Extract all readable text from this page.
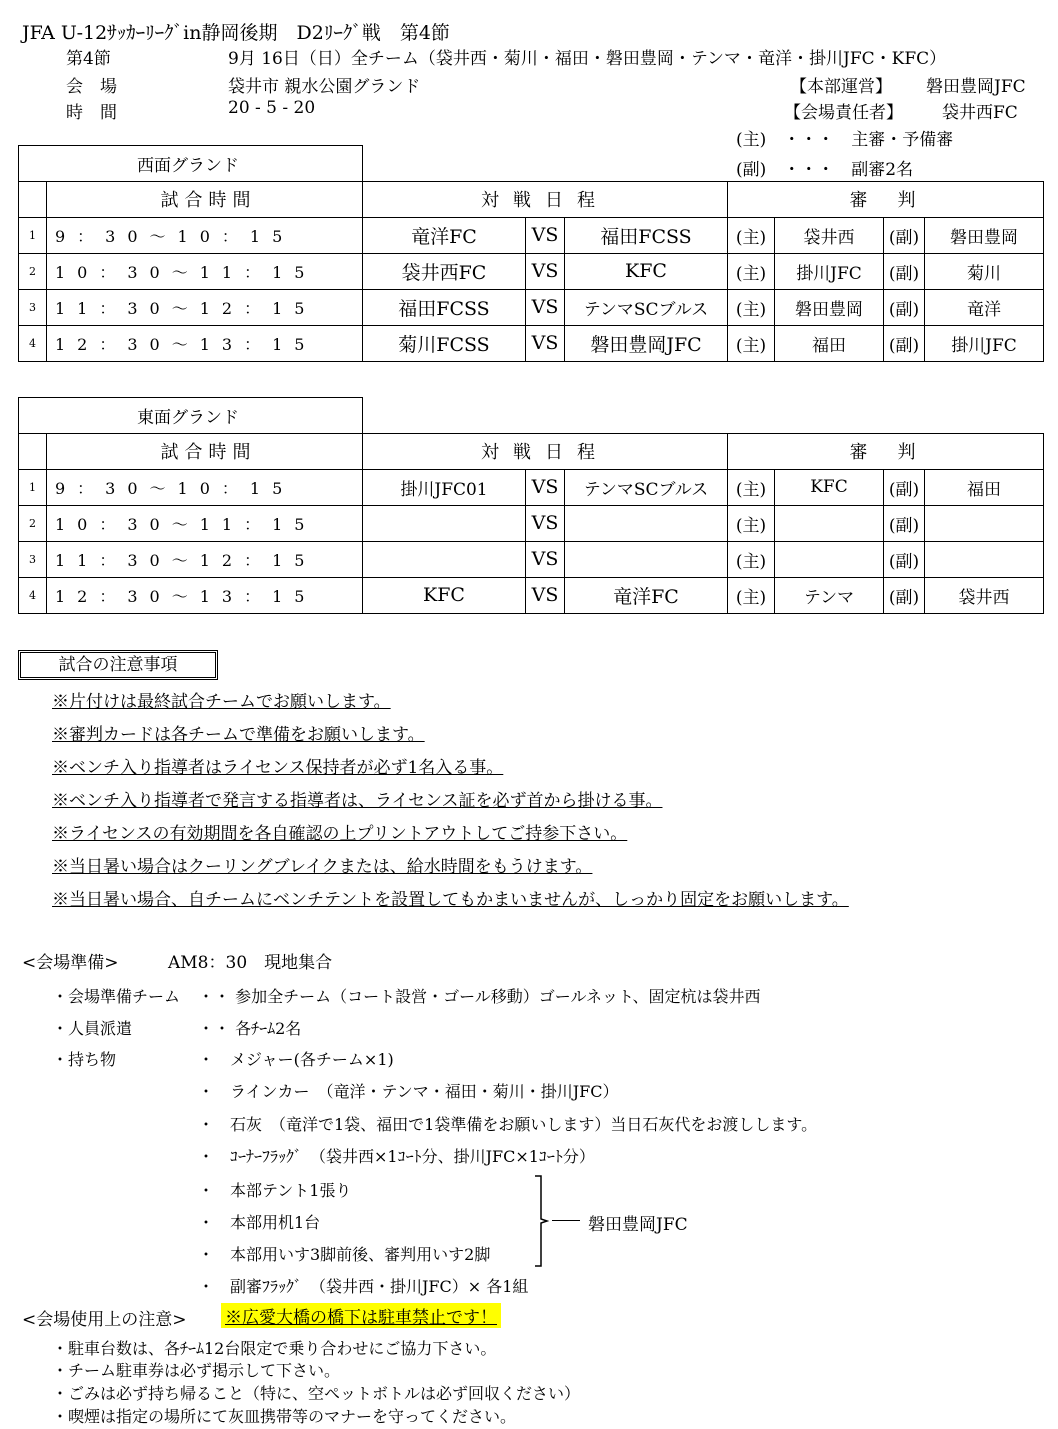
JFA U-12ｻｯｶｰﾘｰｸﾞin静岡後期　D2ﾘｰｸﾞ戦　第4節
第4節	9月 16日（日）全チーム（袋井西・菊川・福田・磐田豊岡・テンマ・竜洋・掛川JFC・KFC）
会　場	袋井市 親水公園グランド
時　間	20 - 5 - 20
【本部運営】 磐田豊岡JFC
【会場責任者】 袋井西FC
(主)　・・・　主審・予備審
(副)　・・・　副審2名
西面グランド								
	試合時間	対戦日程			審　判			
1	9：30～10：15	竜洋FC	VS	福田FCSS	(主)	袋井西	(副)	磐田豊岡
2	10：30～11：15	袋井西FC	VS	KFC	(主)	掛川JFC	(副)	菊川
3	11：30～12：15	福田FCSS	VS	テンマSCブルス	(主)	磐田豊岡	(副)	竜洋
4	12：30～13：15	菊川FCSS	VS	磐田豊岡JFC	(主)	福田	(副)	掛川JFC
東面グランド								
	試合時間	対戦日程			審　判			
1	9：30～10：15	掛川JFC01	VS	テンマSCブルス	(主)	KFC	(副)	福田
2	10：30～11：15		VS		(主)		(副)	
3	11：30～12：15		VS		(主)		(副)	
4	12：30～13：15	KFC	VS	竜洋FC	(主)	テンマ	(副)	袋井西
試合の注意事項
※片付けは最終試合チームでお願いします。
※審判カードは各チームで準備をお願いします。
※ベンチ入り指導者はライセンス保持者が必ず1名入る事。
※ベンチ入り指導者で発言する指導者は、ライセンス証を必ず首から掛ける事。
※ライセンスの有効期間を各自確認の上プリントアウトしてご持参下さい。
※当日暑い場合はクーリングブレイクまたは、給水時間をもうけます。
※当日暑い場合、自チームにベンチテントを設置してもかまいませんが、しっかり固定をお願いします。
<会場準備>	AM8：30　現地集合
・会場準備チーム	・・ 参加全チーム（コート設営・ゴール移動）ゴールネット、固定杭は袋井西
・人員派遣	・・ 各ﾁｰﾑ2名
・持ち物	・　メジャー(各チーム×1)
・　ラインカー　（竜洋・テンマ・福田・菊川・掛川JFC）
・　石灰　（竜洋で1袋、福田で1袋準備をお願いします）当日石灰代をお渡しします。
・　ｺｰﾅｰﾌﾗｯｸﾞ　（袋井西×1ｺｰﾄ分、掛川JFC×1ｺｰﾄ分）
・　本部テント1張り
・　本部用机1台
・　本部用いす3脚前後、審判用いす2脚
・　副審ﾌﾗｯｸﾞ　（袋井西・掛川JFC）× 各1組
磐田豊岡JFC
<会場使用上の注意> ※広愛大橋の橋下は駐車禁止です！
・駐車台数は、各ﾁｰﾑ12台限定で乗り合わせにご協力下さい。
・チーム駐車券は必ず掲示して下さい。
・ごみは必ず持ち帰ること（特に、空ペットボトルは必ず回収ください）
・喫煙は指定の場所にて灰皿携帯等のマナーを守ってください。
